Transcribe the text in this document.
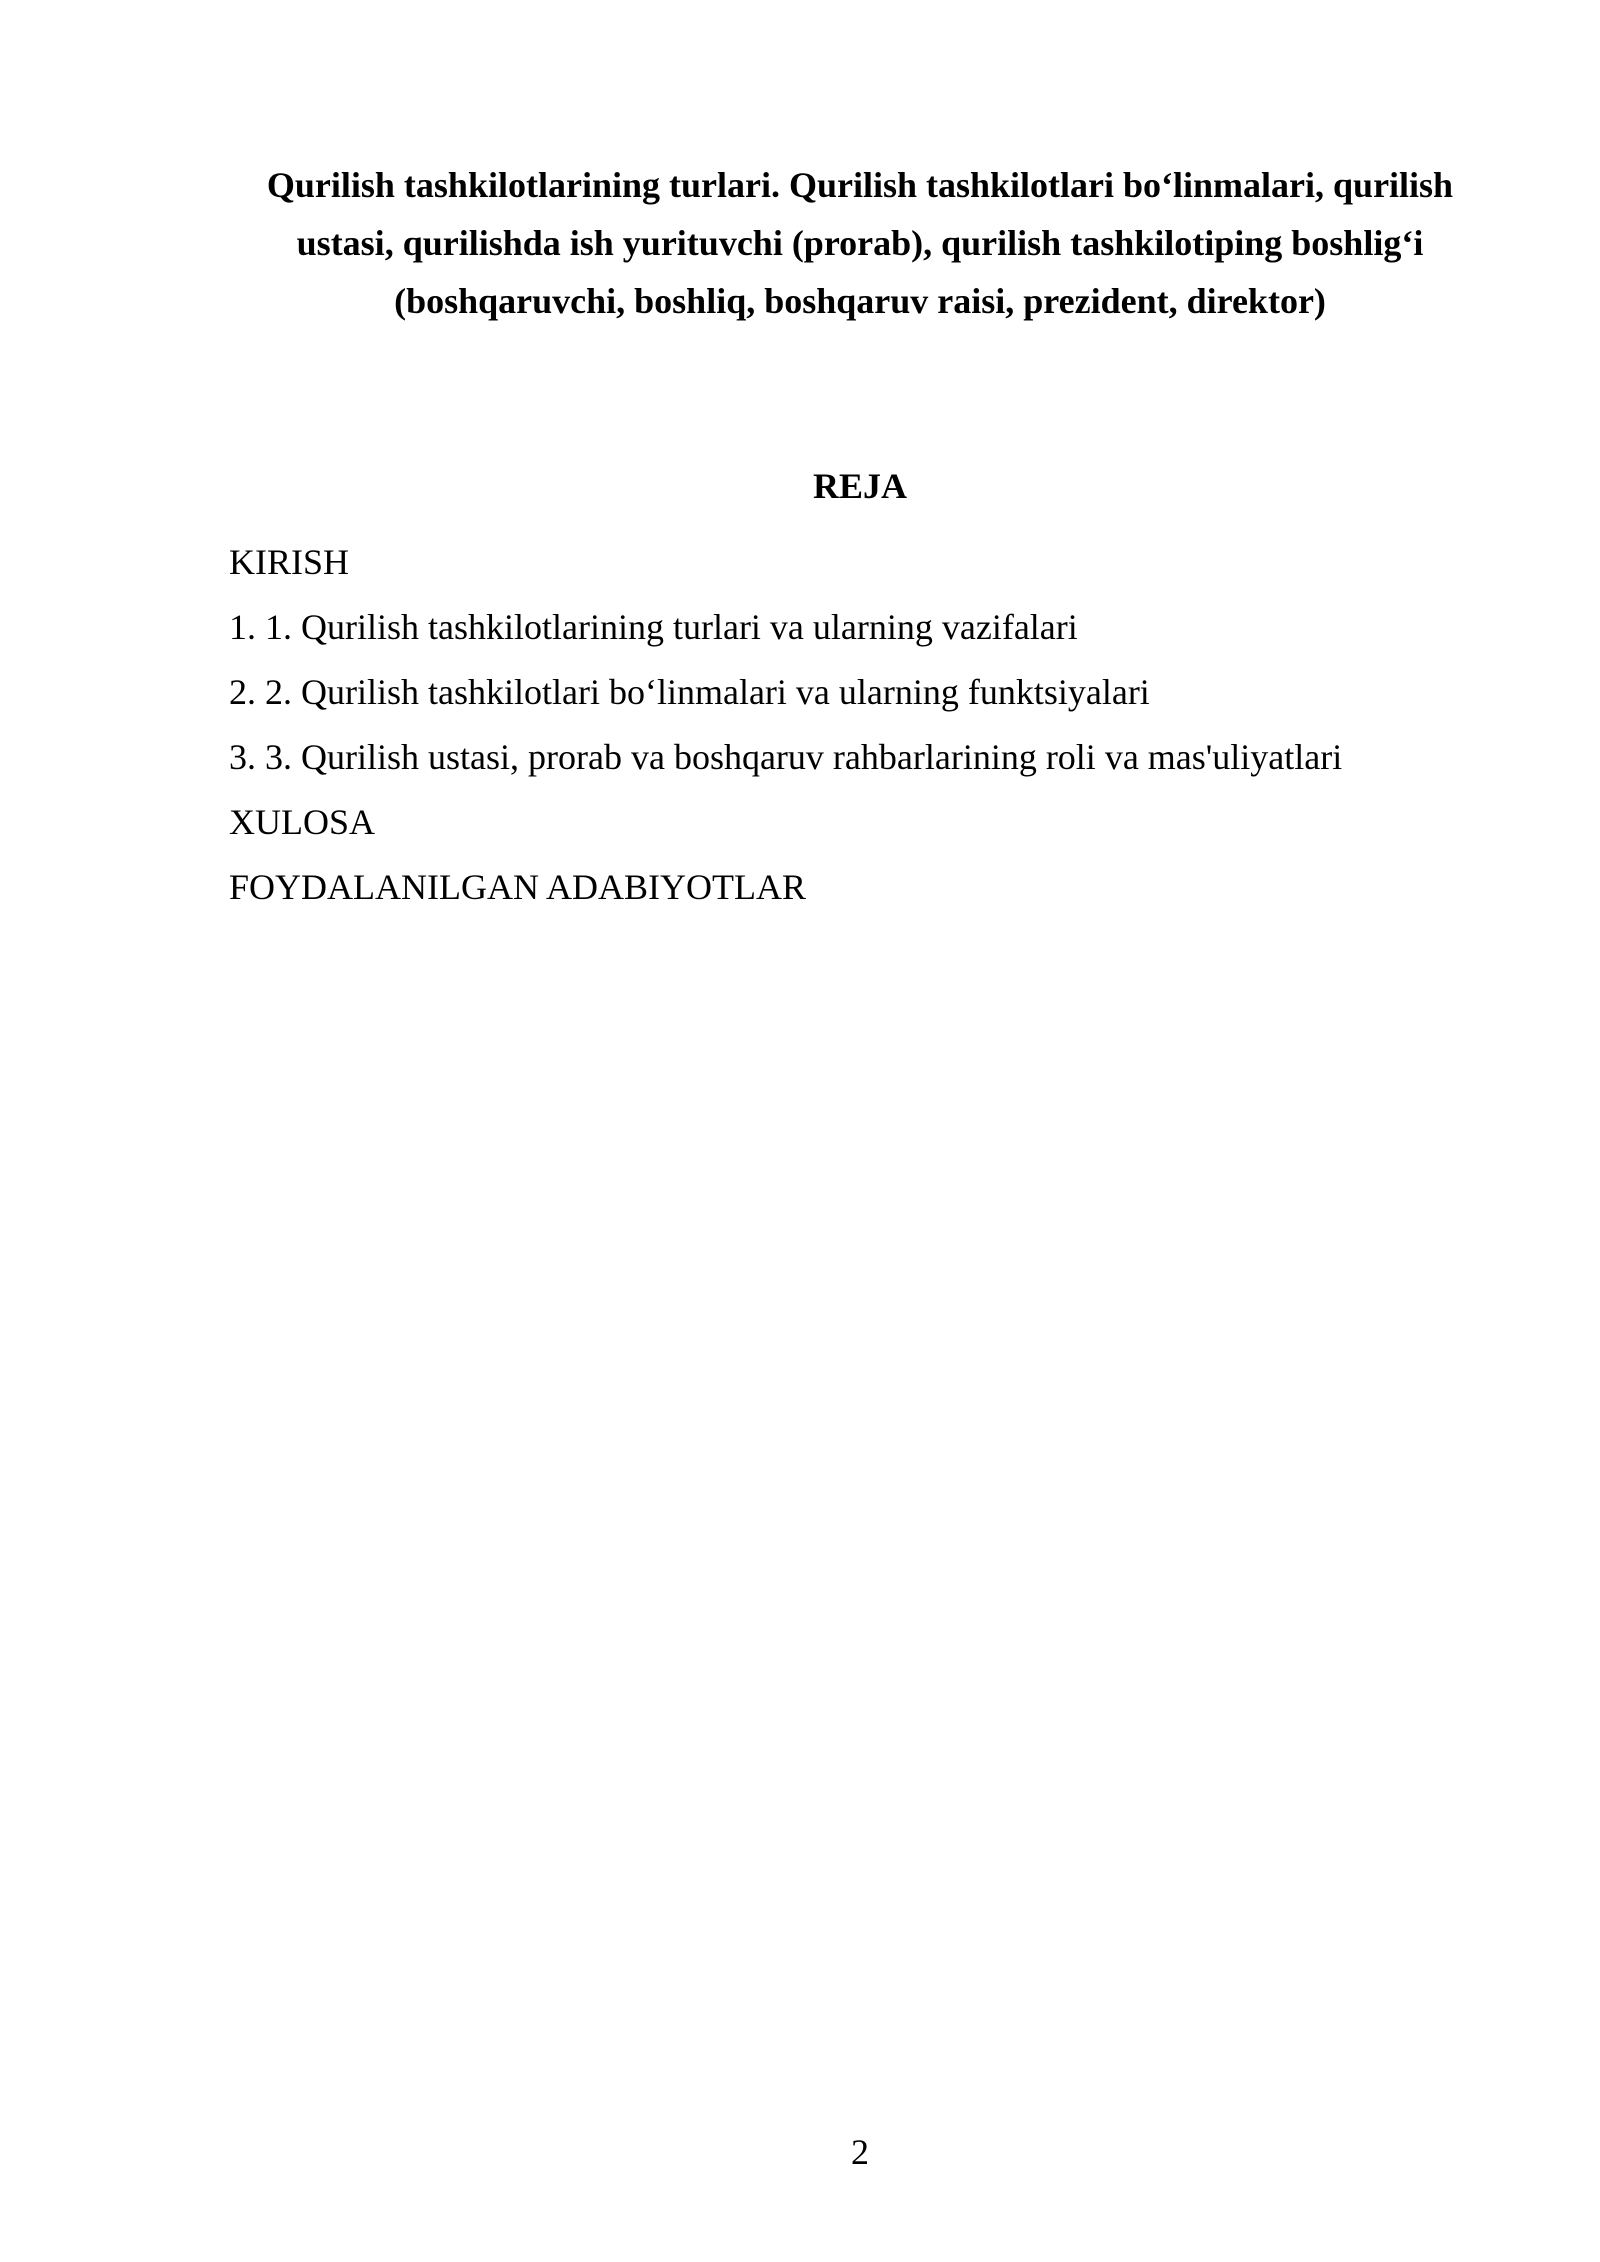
Qurilish tashkilotlarining turlari. Qurilish tashkilotlari bo‘linmalari, qurilish ustasi, qurilishda ish yurituvchi (prorab), qurilish tashkilotiping boshlig‘i (boshqaruvchi, boshliq, boshqaruv raisi, prezident, direktor)
REJA
KIRISH
1. 1. Qurilish tashkilotlarining turlari va ularning vazifalari
2. 2. Qurilish tashkilotlari bo‘linmalari va ularning funktsiyalari
3. 3. Qurilish ustasi, prorab va boshqaruv rahbarlarining roli va mas'uliyatlari
XULOSA
FOYDALANILGAN ADABIYOTLAR
2
